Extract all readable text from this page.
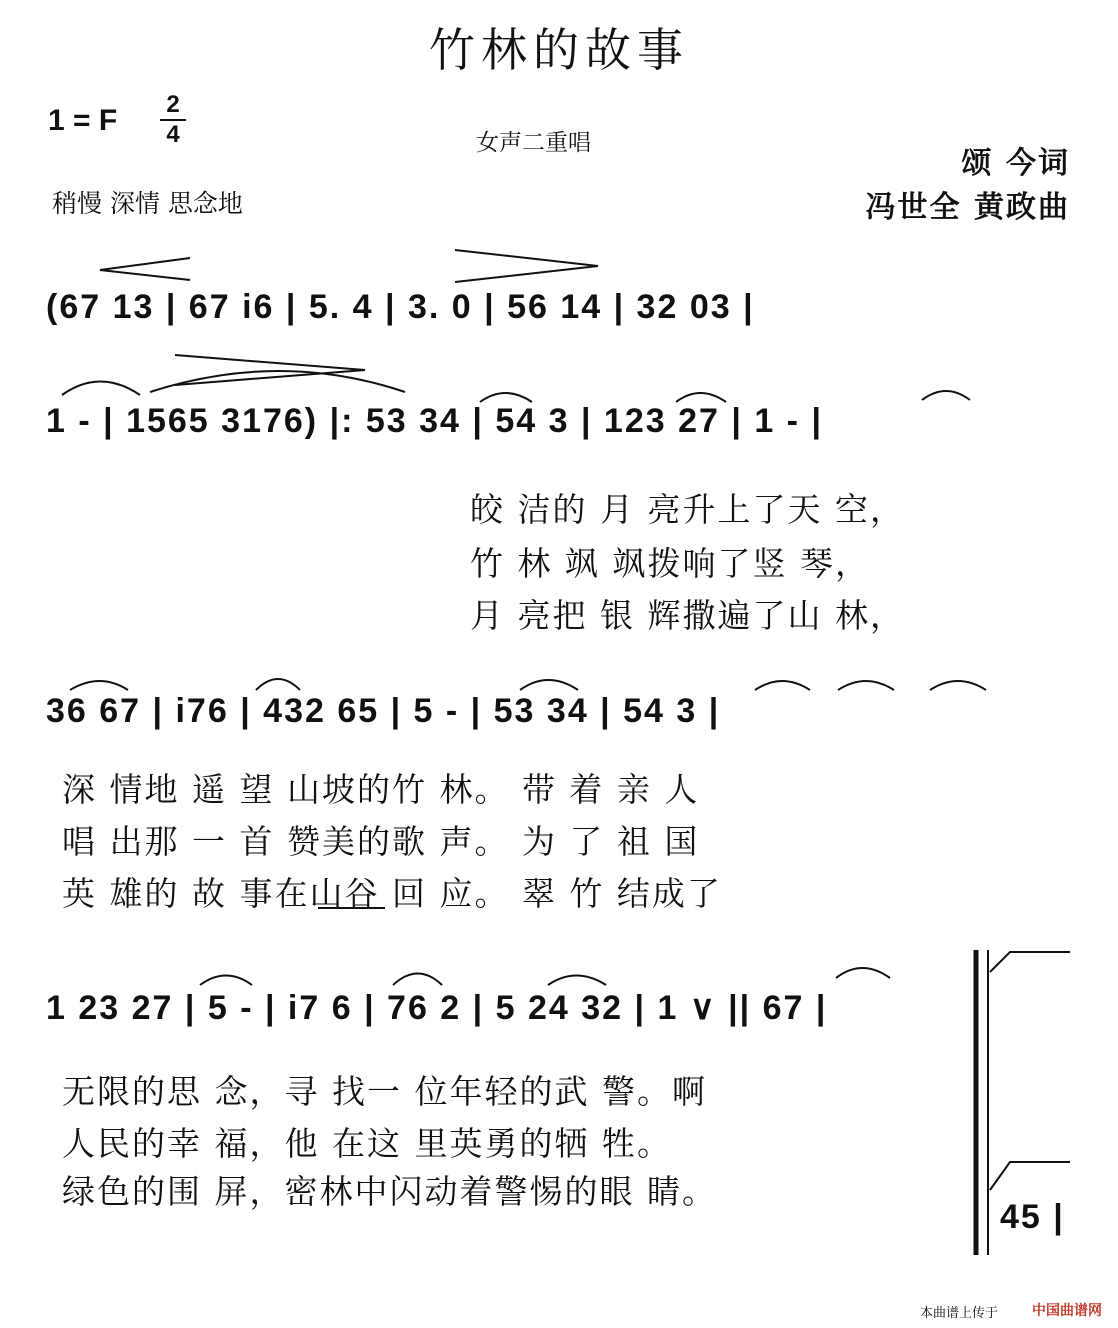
竹林的故事
1 = F 2
4	女声二重唱
稍慢 深情 思念地
颂 今词
冯世全 黄政曲
(67 13 | 67 i6 | 5. 4 | 3. 0 | 56 14 | 32 03 |
1 - | 1565 3176) |: 53 34 | 54 3 | 123 27 | 1 - |
皎 洁的 月 亮升上了天 空，
竹 林 飒 飒拨响了竖 琴，
月 亮把 银 辉撒遍了山 林，
36 67 | i76 | 432 65 | 5 - | 53 34 | 54 3 |
深 情地 遥 望 山坡的竹 林。 带 着 亲 人
唱 出那 一 首 赞美的歌 声。 为 了 祖 国
英 雄的 故 事在山谷 回 应。 翠 竹 结成了
1 23 27 | 5 - | i7 6 | 76 2 | 5 24 32 | 1 ∨ || 67 |
无限的思 念，寻 找一 位年轻的武 警。啊
人民的幸 福，他 在这 里英勇的牺 牲。
绿色的围 屏，密林中闪动着警惕的眼 睛。
45 |
本曲谱上传于 中国曲谱网
